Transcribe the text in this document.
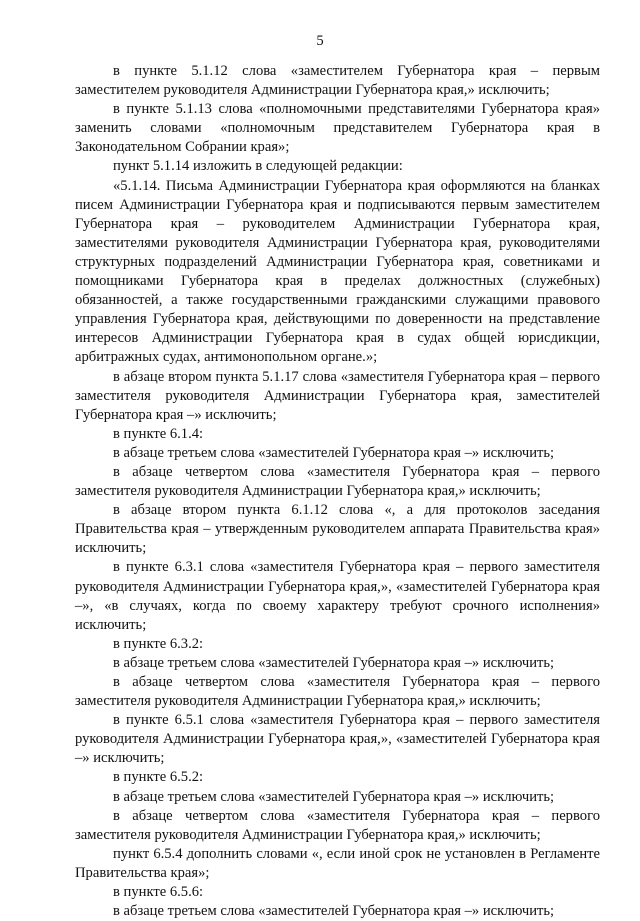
5

в пункте 5.1.12 слова «заместителем Губернатора края – первым заместителем руководителя Администрации Губернатора края,» исключить;

в пункте 5.1.13 слова «полномочными представителями Губернатора края» заменить словами «полномочным представителем Губернатора края в Законодательном Собрании края»;

пункт 5.1.14 изложить в следующей редакции:

«5.1.14. Письма Администрации Губернатора края оформляются на бланках писем Администрации Губернатора края и подписываются первым заместителем Губернатора края – руководителем Администрации Губернатора края, заместителями руководителя Администрации Губернатора края, руководителями структурных подразделений Администрации Губернатора края, советниками и помощниками Губернатора края в пределах должностных (служебных) обязанностей, а также государственными гражданскими служащими правового управления Губернатора края, действующими по доверенности на представление интересов Администрации Губернатора края в судах общей юрисдикции, арбитражных судах, антимонопольном органе.»;

в абзаце втором пункта 5.1.17 слова «заместителя Губернатора края – первого заместителя руководителя Администрации Губернатора края, заместителей Губернатора края –» исключить;

в пункте 6.1.4:

в абзаце третьем слова «заместителей Губернатора края –» исключить;

в абзаце четвертом слова «заместителя Губернатора края – первого заместителя руководителя Администрации Губернатора края,» исключить;

в абзаце втором пункта 6.1.12 слова «, а для протоколов заседания Правительства края – утвержденным руководителем аппарата Правительства края» исключить;

в пункте 6.3.1 слова «заместителя Губернатора края – первого заместителя руководителя Администрации Губернатора края,», «заместителей Губернатора края –», «в случаях, когда по своему характеру требуют срочного исполнения» исключить;

в пункте 6.3.2:

в абзаце третьем слова «заместителей Губернатора края –» исключить;

в абзаце четвертом слова «заместителя Губернатора края – первого заместителя руководителя Администрации Губернатора края,» исключить;

в пункте 6.5.1 слова «заместителя Губернатора края – первого заместителя руководителя Администрации Губернатора края,», «заместителей Губернатора края –» исключить;

в пункте 6.5.2:

в абзаце третьем слова «заместителей Губернатора края –» исключить;

в абзаце четвертом слова «заместителя Губернатора края – первого заместителя руководителя Администрации Губернатора края,» исключить;

пункт 6.5.4 дополнить словами «, если иной срок не установлен в Регламенте Правительства края»;

в пункте 6.5.6:

в абзаце третьем слова «заместителей Губернатора края –» исключить;
